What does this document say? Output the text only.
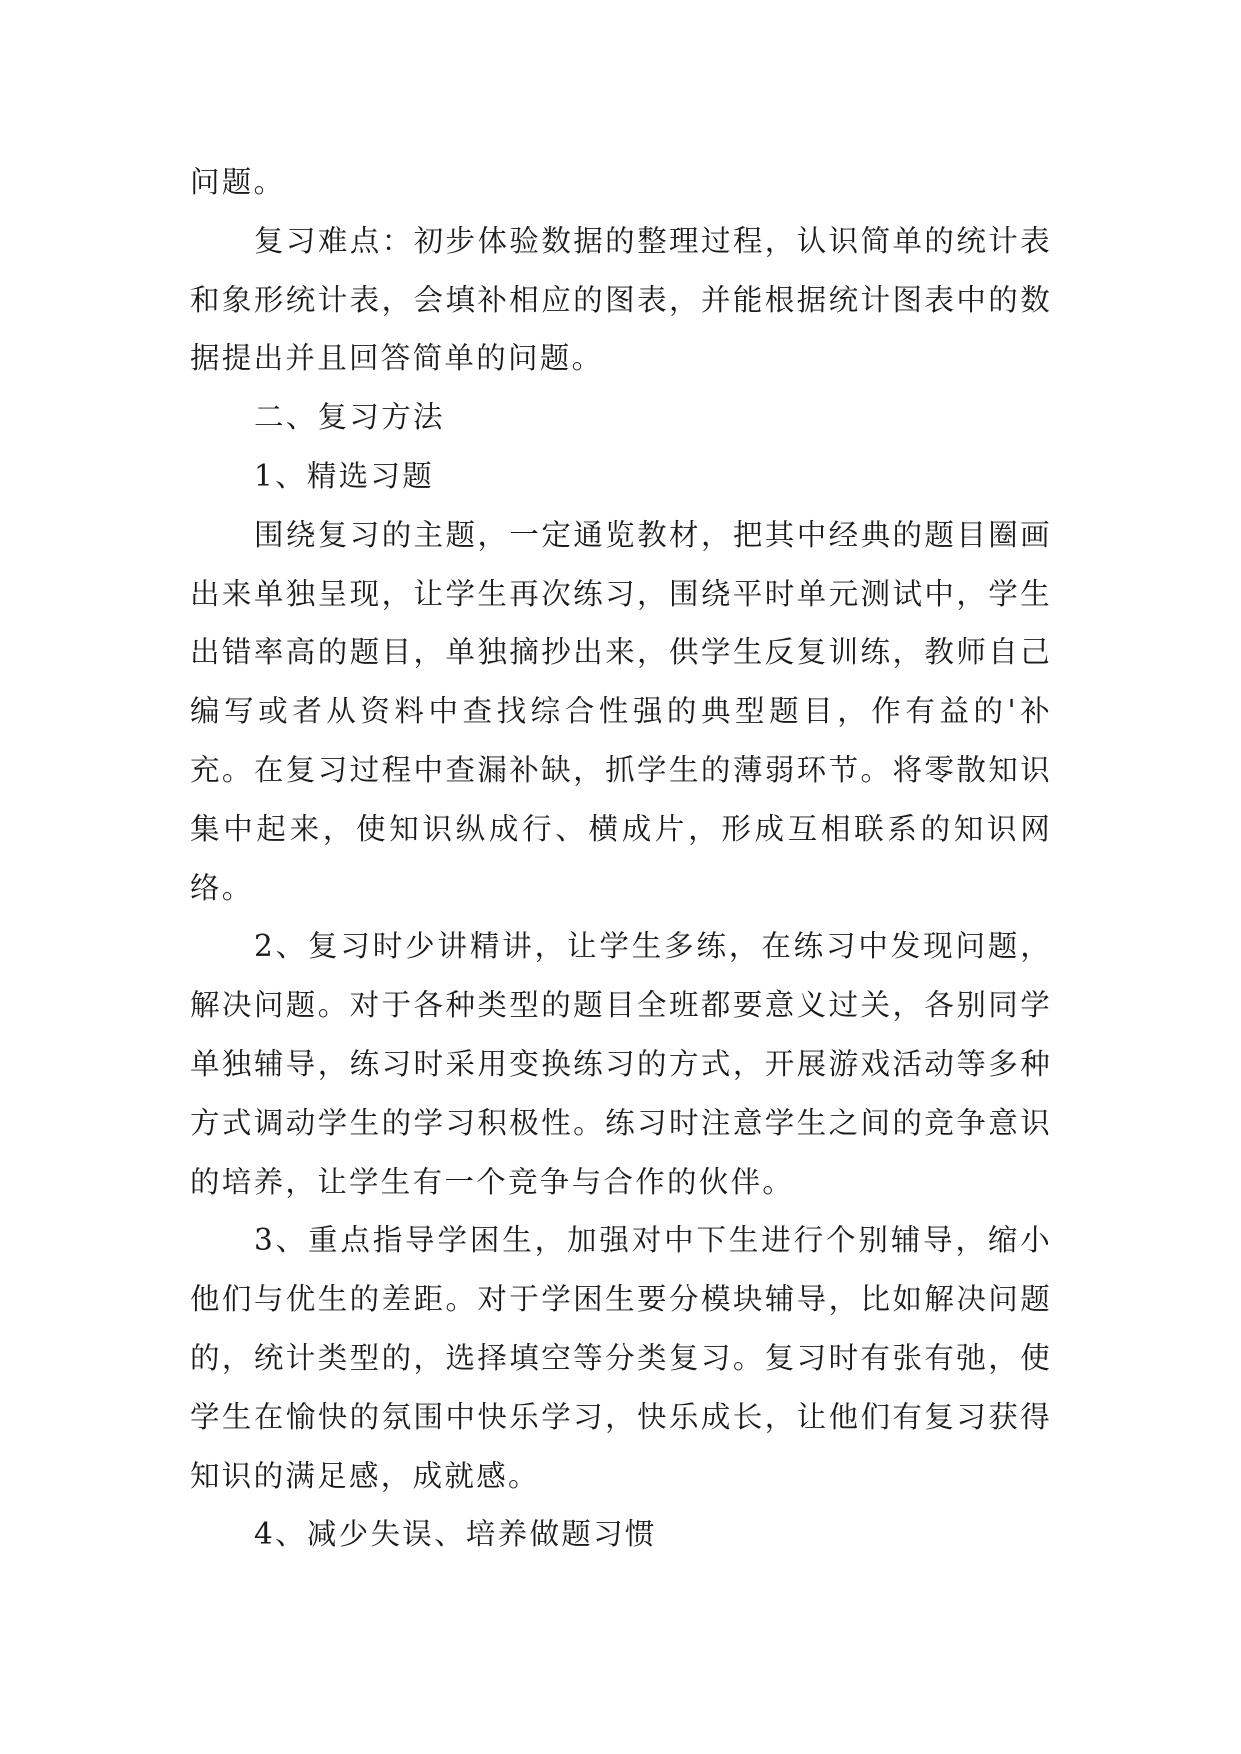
问题。

复习难点：初步体验数据的整理过程，认识简单的统计表和象形统计表，会填补相应的图表，并能根据统计图表中的数据提出并且回答简单的问题。

二、复习方法

1、精选习题

围绕复习的主题，一定通览教材，把其中经典的题目圈画出来单独呈现，让学生再次练习，围绕平时单元测试中，学生出错率高的题目，单独摘抄出来，供学生反复训练，教师自己编写或者从资料中查找综合性强的典型题目，作有益的'补充。在复习过程中查漏补缺，抓学生的薄弱环节。将零散知识集中起来，使知识纵成行、横成片，形成互相联系的知识网络。

2、复习时少讲精讲，让学生多练，在练习中发现问题，解决问题。对于各种类型的题目全班都要意义过关，各别同学单独辅导，练习时采用变换练习的方式，开展游戏活动等多种方式调动学生的学习积极性。练习时注意学生之间的竞争意识的培养，让学生有一个竞争与合作的伙伴。

3、重点指导学困生，加强对中下生进行个别辅导，缩小他们与优生的差距。对于学困生要分模块辅导，比如解决问题的，统计类型的，选择填空等分类复习。复习时有张有弛，使学生在愉快的氛围中快乐学习，快乐成长，让他们有复习获得知识的满足感，成就感。

4、减少失误、培养做题习惯
